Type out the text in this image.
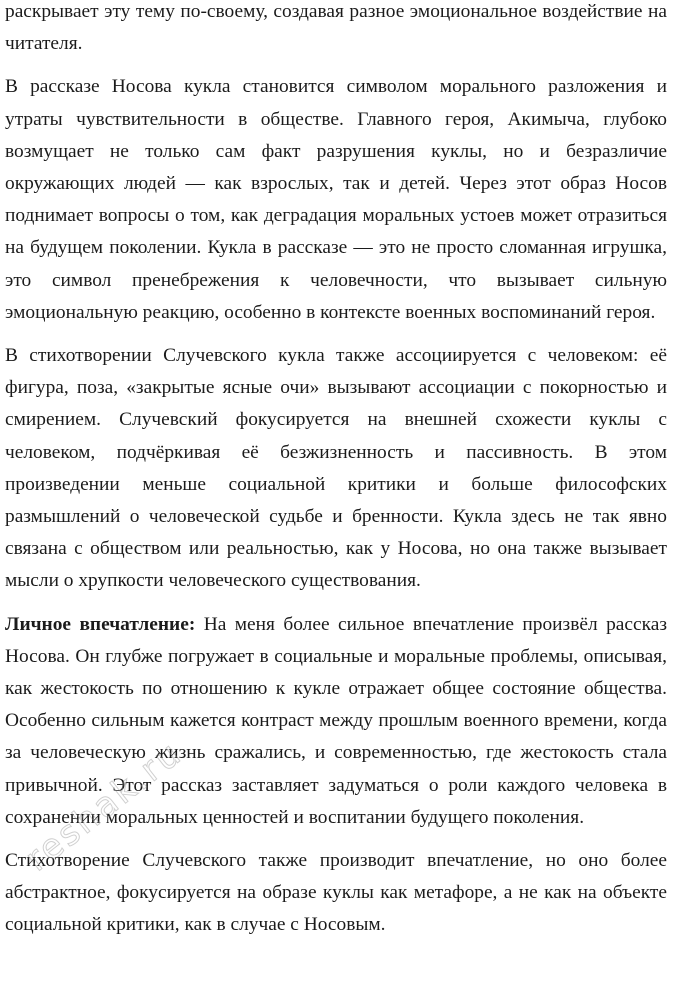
раскрывает эту тему по-своему, создавая разное эмоциональное воздействие на читателя.

В рассказе Носова кукла становится символом морального разложения и утраты чувствительности в обществе. Главного героя, Акимыча, глубоко возмущает не только сам факт разрушения куклы, но и безразличие окружающих людей — как взрослых, так и детей. Через этот образ Носов поднимает вопросы о том, как деградация моральных устоев может отразиться на будущем поколении. Кукла в рассказе — это не просто сломанная игрушка, это символ пренебрежения к человечности, что вызывает сильную эмоциональную реакцию, особенно в контексте военных воспоминаний героя.

В стихотворении Случевского кукла также ассоциируется с человеком: её фигура, поза, «закрытые ясные очи» вызывают ассоциации с покорностью и смирением. Случевский фокусируется на внешней схожести куклы с человеком, подчёркивая её безжизненность и пассивность. В этом произведении меньше социальной критики и больше философских размышлений о человеческой судьбе и бренности. Кукла здесь не так явно связана с обществом или реальностью, как у Носова, но она также вызывает мысли о хрупкости человеческого существования.

Личное впечатление: На меня более сильное впечатление произвёл рассказ Носова. Он глубже погружает в социальные и моральные проблемы, описывая, как жестокость по отношению к кукле отражает общее состояние общества. Особенно сильным кажется контраст между прошлым военного времени, когда за человеческую жизнь сражались, и современностью, где жестокость стала привычной. Этот рассказ заставляет задуматься о роли каждого человека в сохранении моральных ценностей и воспитании будущего поколения.

Стихотворение Случевского также производит впечатление, но оно более абстрактное, фокусируется на образе куклы как метафоре, а не как на объекте социальной критики, как в случае с Носовым.

reshak.ru
